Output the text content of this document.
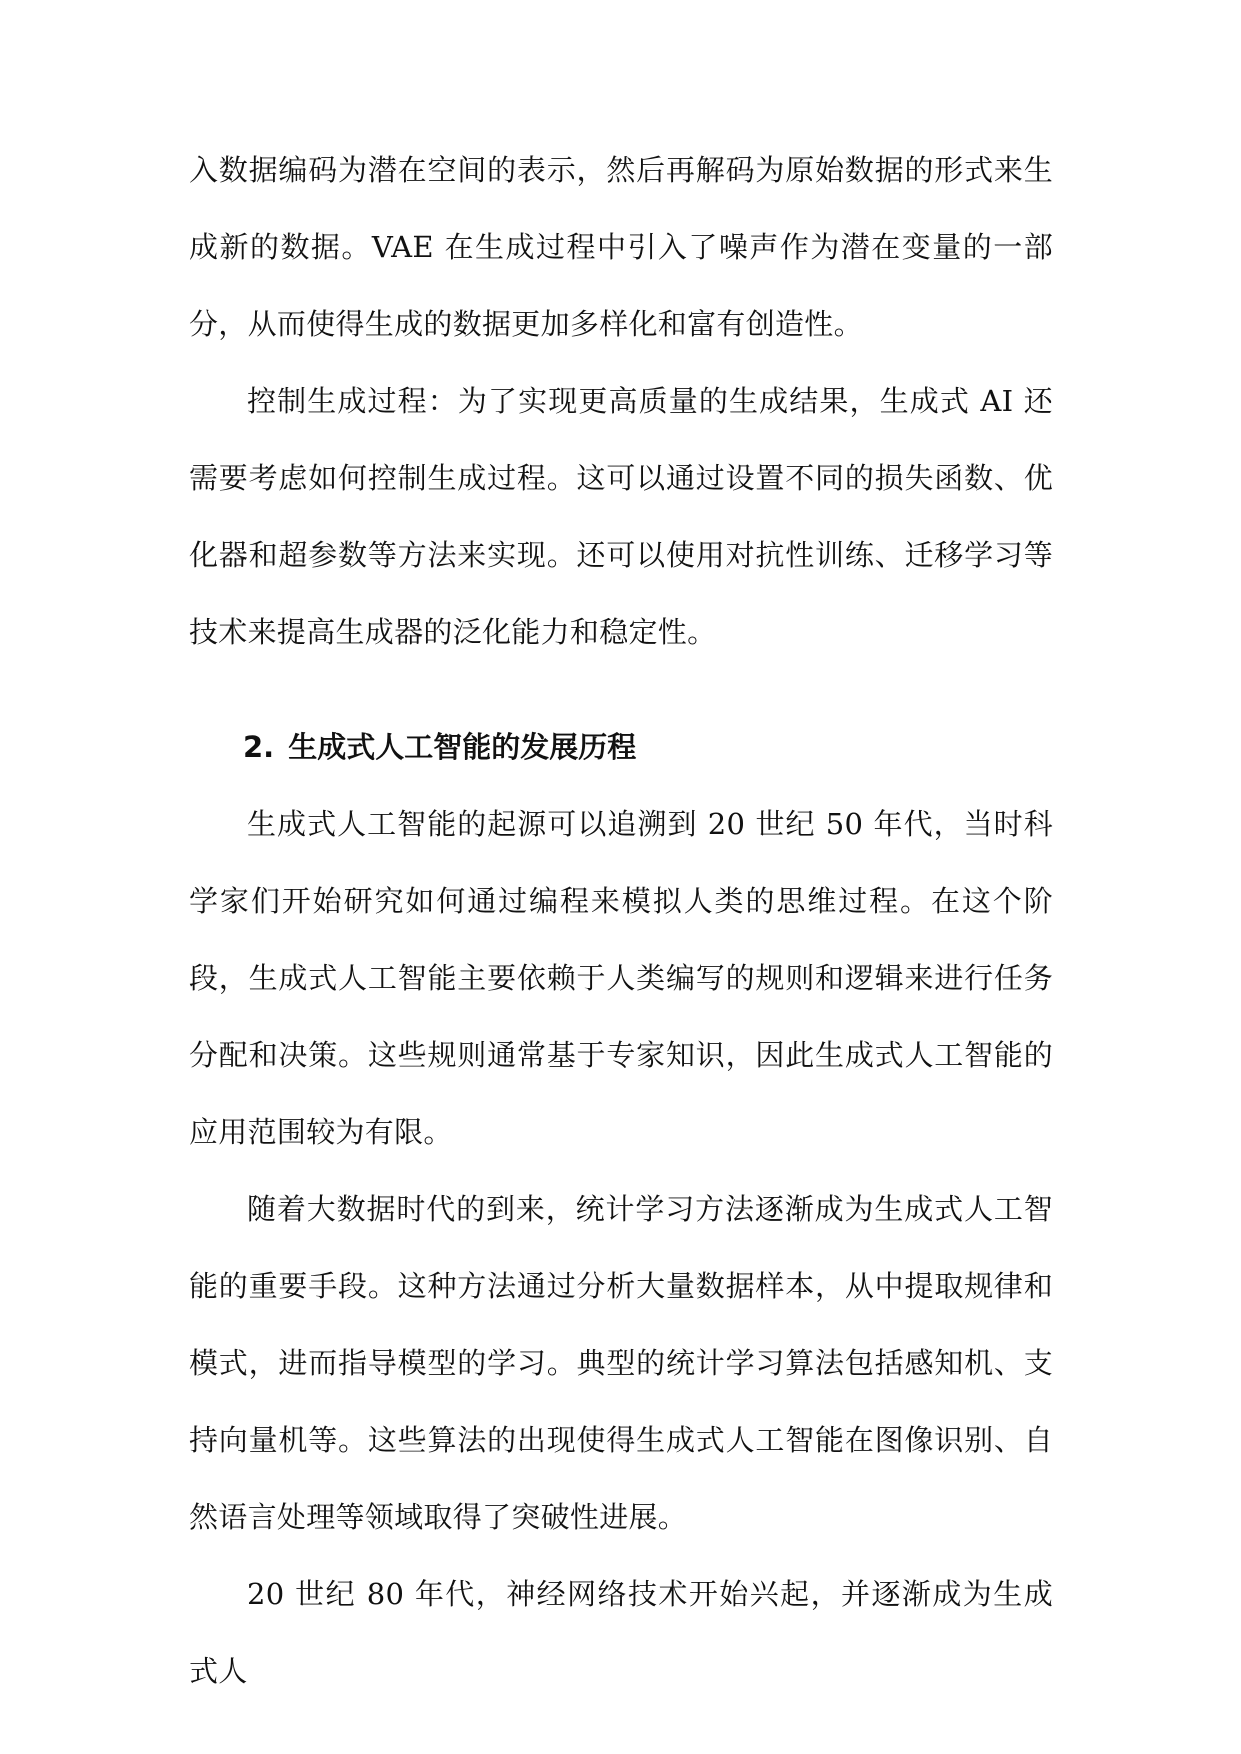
入数据编码为潜在空间的表示，然后再解码为原始数据的形式来生成新的数据。VAE 在生成过程中引入了噪声作为潜在变量的一部分，从而使得生成的数据更加多样化和富有创造性。

控制生成过程：为了实现更高质量的生成结果，生成式 AI 还需要考虑如何控制生成过程。这可以通过设置不同的损失函数、优化器和超参数等方法来实现。还可以使用对抗性训练、迁移学习等技术来提高生成器的泛化能力和稳定性。

2. 生成式人工智能的发展历程

生成式人工智能的起源可以追溯到 20 世纪 50 年代，当时科学家们开始研究如何通过编程来模拟人类的思维过程。在这个阶段，生成式人工智能主要依赖于人类编写的规则和逻辑来进行任务分配和决策。这些规则通常基于专家知识，因此生成式人工智能的应用范围较为有限。

随着大数据时代的到来，统计学习方法逐渐成为生成式人工智能的重要手段。这种方法通过分析大量数据样本，从中提取规律和模式，进而指导模型的学习。典型的统计学习算法包括感知机、支持向量机等。这些算法的出现使得生成式人工智能在图像识别、自然语言处理等领域取得了突破性进展。

20 世纪 80 年代，神经网络技术开始兴起，并逐渐成为生成式人
